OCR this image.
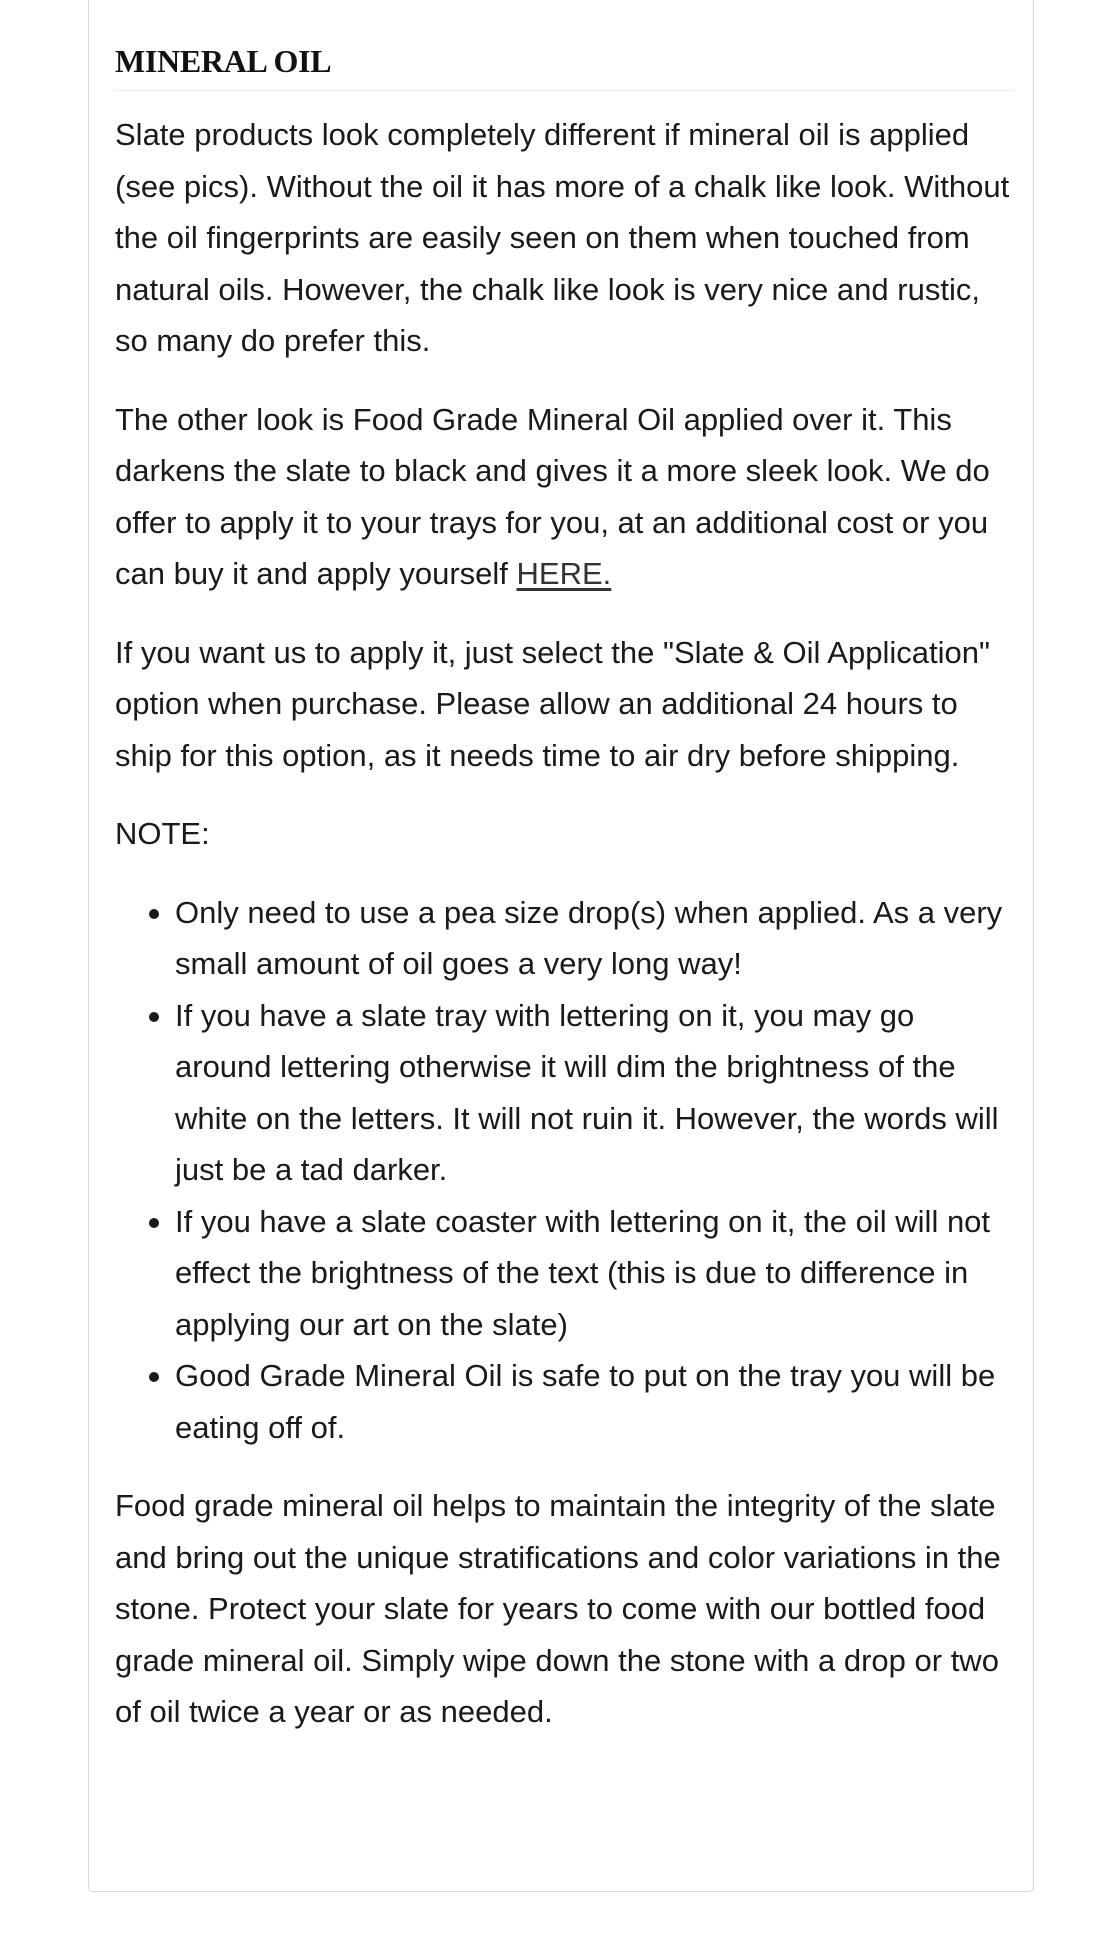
MINERAL OIL

Slate products look completely different if mineral oil is applied (see pics). Without the oil it has more of a chalk like look. Without the oil fingerprints are easily seen on them when touched from natural oils. However, the chalk like look is very nice and rustic, so many do prefer this.

The other look is Food Grade Mineral Oil applied over it. This darkens the slate to black and gives it a more sleek look. We do offer to apply it to your trays for you, at an additional cost or you can buy it and apply yourself HERE.

If you want us to apply it, just select the "Slate & Oil Application" option when purchase. Please allow an additional 24 hours to ship for this option, as it needs time to air dry before shipping.

NOTE:

Only need to use a pea size drop(s) when applied. As a very small amount of oil goes a very long way!
If you have a slate tray with lettering on it, you may go around lettering otherwise it will dim the brightness of the white on the letters. It will not ruin it. However, the words will just be a tad darker.
If you have a slate coaster with lettering on it, the oil will not effect the brightness of the text (this is due to difference in applying our art on the slate)
Good Grade Mineral Oil is safe to put on the tray you will be eating off of.

Food grade mineral oil helps to maintain the integrity of the slate and bring out the unique stratifications and color variations in the stone. Protect your slate for years to come with our bottled food grade mineral oil. Simply wipe down the stone with a drop or two of oil twice a year or as needed.
